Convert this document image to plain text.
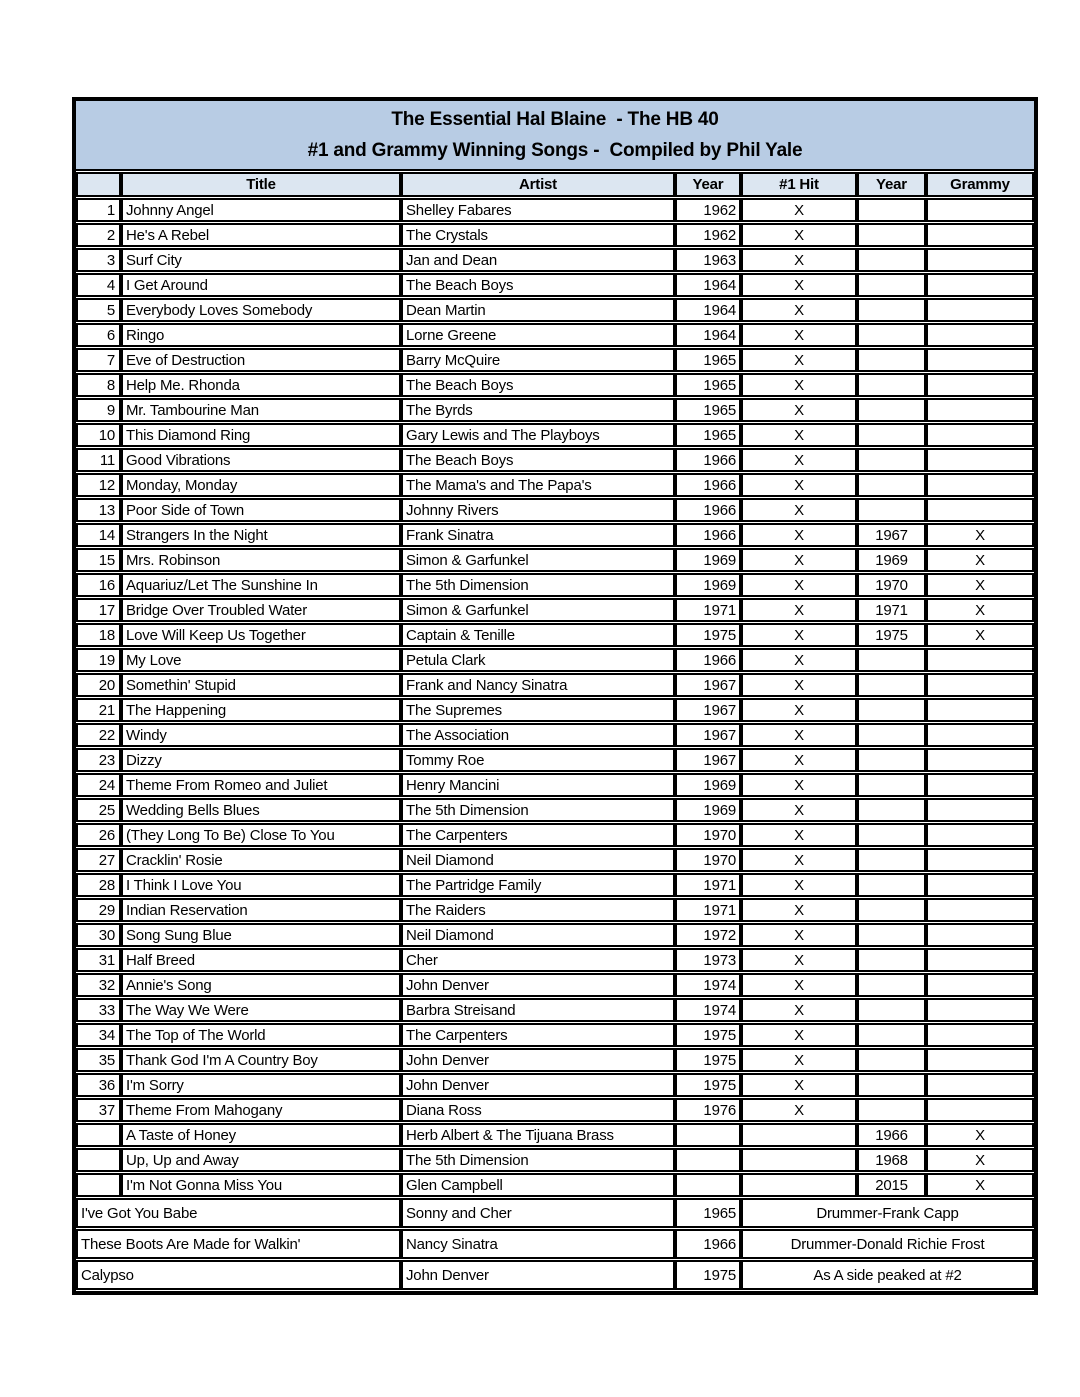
The Essential Hal Blaine  - The HB 40
#1 and Grammy Winning Songs -  Compiled by Phil Yale
	Title	Artist	Year	#1 Hit	Year	Grammy
1	Johnny Angel	Shelley Fabares	1962	X		
2	He's A Rebel	The Crystals	1962	X		
3	Surf City	Jan and Dean	1963	X		
4	I Get Around	The Beach Boys	1964	X		
5	Everybody Loves Somebody	Dean Martin	1964	X		
6	Ringo	Lorne Greene	1964	X		
7	Eve of Destruction	Barry McQuire	1965	X		
8	Help Me. Rhonda	The Beach Boys	1965	X		
9	Mr. Tambourine Man	The Byrds	1965	X		
10	This Diamond Ring	Gary Lewis and The Playboys	1965	X		
11	Good Vibrations	The Beach Boys	1966	X		
12	Monday, Monday	The Mama's and The Papa's	1966	X		
13	Poor Side of Town	Johnny Rivers	1966	X		
14	Strangers In the Night	Frank Sinatra	1966	X	1967	X
15	Mrs. Robinson	Simon & Garfunkel	1969	X	1969	X
16	Aquariuz/Let The Sunshine In	The 5th Dimension	1969	X	1970	X
17	Bridge Over Troubled Water	Simon & Garfunkel	1971	X	1971	X
18	Love Will Keep Us Together	Captain & Tenille	1975	X	1975	X
19	My Love	Petula Clark	1966	X		
20	Somethin' Stupid	Frank and Nancy Sinatra	1967	X		
21	The Happening	The Supremes	1967	X		
22	Windy	The Association	1967	X		
23	Dizzy	Tommy Roe	1967	X		
24	Theme From Romeo and Juliet	Henry Mancini	1969	X		
25	Wedding Bells Blues	The 5th Dimension	1969	X		
26	(They Long To Be) Close To You	The Carpenters	1970	X		
27	Cracklin' Rosie	Neil Diamond	1970	X		
28	I Think I Love You	The Partridge Family	1971	X		
29	Indian Reservation	The Raiders	1971	X		
30	Song Sung Blue	Neil Diamond	1972	X		
31	Half Breed	Cher	1973	X		
32	Annie's Song	John Denver	1974	X		
33	The Way We Were	Barbra Streisand	1974	X		
34	The Top of The World	The Carpenters	1975	X		
35	Thank God I'm A Country Boy	John Denver	1975	X		
36	I'm Sorry	John Denver	1975	X		
37	Theme From Mahogany	Diana Ross	1976	X		
	A Taste of Honey	Herb Albert & The Tijuana Brass			1966	X
	Up, Up and Away	The 5th Dimension			1968	X
	I'm Not Gonna Miss You	Glen Campbell			2015	X
I've Got You Babe		Sonny and Cher	1965	Drummer-Frank Capp		
These Boots Are Made for Walkin'		Nancy Sinatra	1966	Drummer-Donald Richie Frost		
Calypso		John Denver	1975	As A side peaked at #2		
